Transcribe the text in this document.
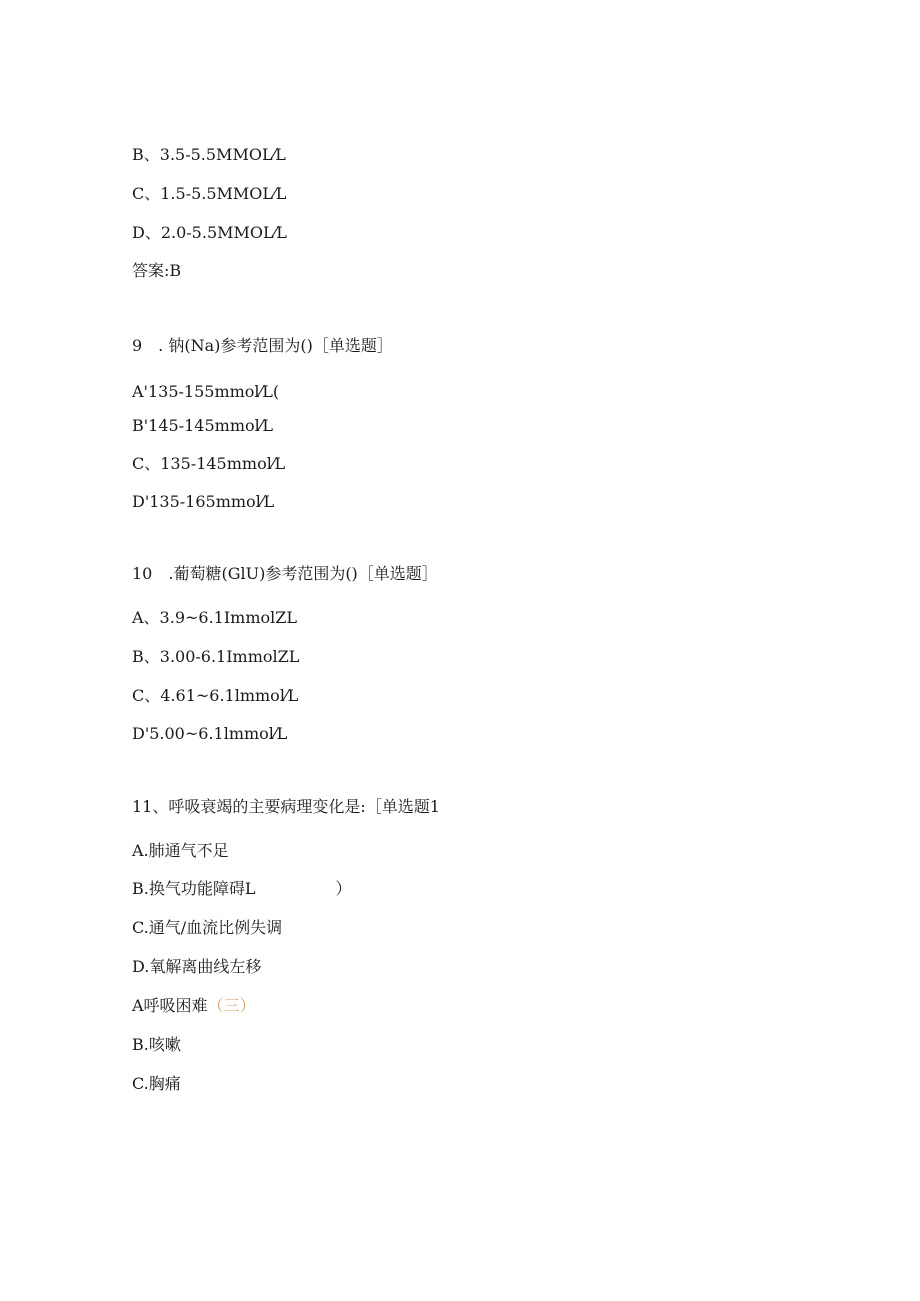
B、3.5-5.5MMOL⁄L

C、1.5-5.5MMOL⁄L

D、2.0-5.5MMOL⁄L

答案:B

9　. 钠(Na)参考范围为()［单选题］

A'135-155mmol⁄L(

B'145-145mmol⁄L

C、135-145mmol⁄L

D'135-165mmol⁄L

10　.葡萄糖(GlU)参考范围为()［单选题］

A、3.9~6.1ImmolZL

B、3.00-6.1ImmolZL

C、4.61~6.1lmmol⁄L

D'5.00~6.1lmmol⁄L

11、呼吸衰竭的主要病理变化是:［单选题1

A.肺通气不足

B.换气功能障碍L　　　　　）

C.通气/血流比例失调

D.氧解离曲线左移

A呼吸困难（三）

B.咳嗽

C.胸痛
